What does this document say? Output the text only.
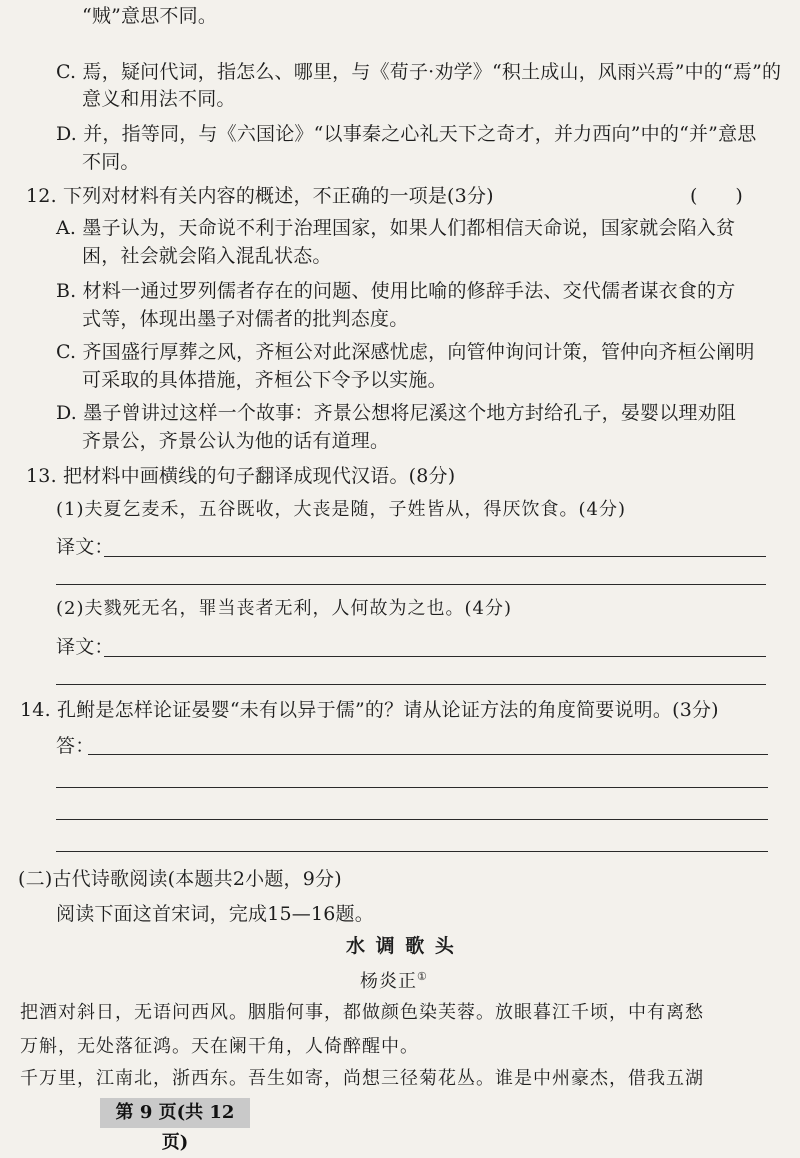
“贼”意思不同。
C. 焉，疑问代词，指怎么、哪里，与《荀子·劝学》“积土成山，风雨兴焉”中的“焉”的
意义和用法不同。
D. 并，指等同，与《六国论》“以事秦之心礼天下之奇才，并力西向”中的“并”意思
不同。
12. 下列对材料有关内容的概述，不正确的一项是(3分)	(　　)
A. 墨子认为，天命说不利于治理国家，如果人们都相信天命说，国家就会陷入贫
困，社会就会陷入混乱状态。
B. 材料一通过罗列儒者存在的问题、使用比喻的修辞手法、交代儒者谋衣食的方
式等，体现出墨子对儒者的批判态度。
C. 齐国盛行厚葬之风，齐桓公对此深感忧虑，向管仲询问计策，管仲向齐桓公阐明
可采取的具体措施，齐桓公下令予以实施。
D. 墨子曾讲过这样一个故事：齐景公想将尼溪这个地方封给孔子，晏婴以理劝阻
齐景公，齐景公认为他的话有道理。
13. 把材料中画横线的句子翻译成现代汉语。(8分)
(1)夫夏乞麦禾，五谷既收，大丧是随，子姓皆从，得厌饮食。(4分)
译文：
(2)夫戮死无名，罪当丧者无利，人何故为之也。(4分)
译文：
14. 孔鲋是怎样论证晏婴“未有以异于儒”的？请从论证方法的角度简要说明。(3分)
答：
(二)古代诗歌阅读(本题共2小题，9分)
阅读下面这首宋词，完成15—16题。
水 调 歌 头
杨炎正①
把酒对斜日，无语问西风。胭脂何事，都做颜色染芙蓉。放眼暮江千顷，中有离愁
万斛，无处落征鸿。天在阑干角，人倚醉醒中。
千万里，江南北，浙西东。吾生如寄，尚想三径菊花丛。谁是中州豪杰，借我五湖
第 9 页(共 12 页)
